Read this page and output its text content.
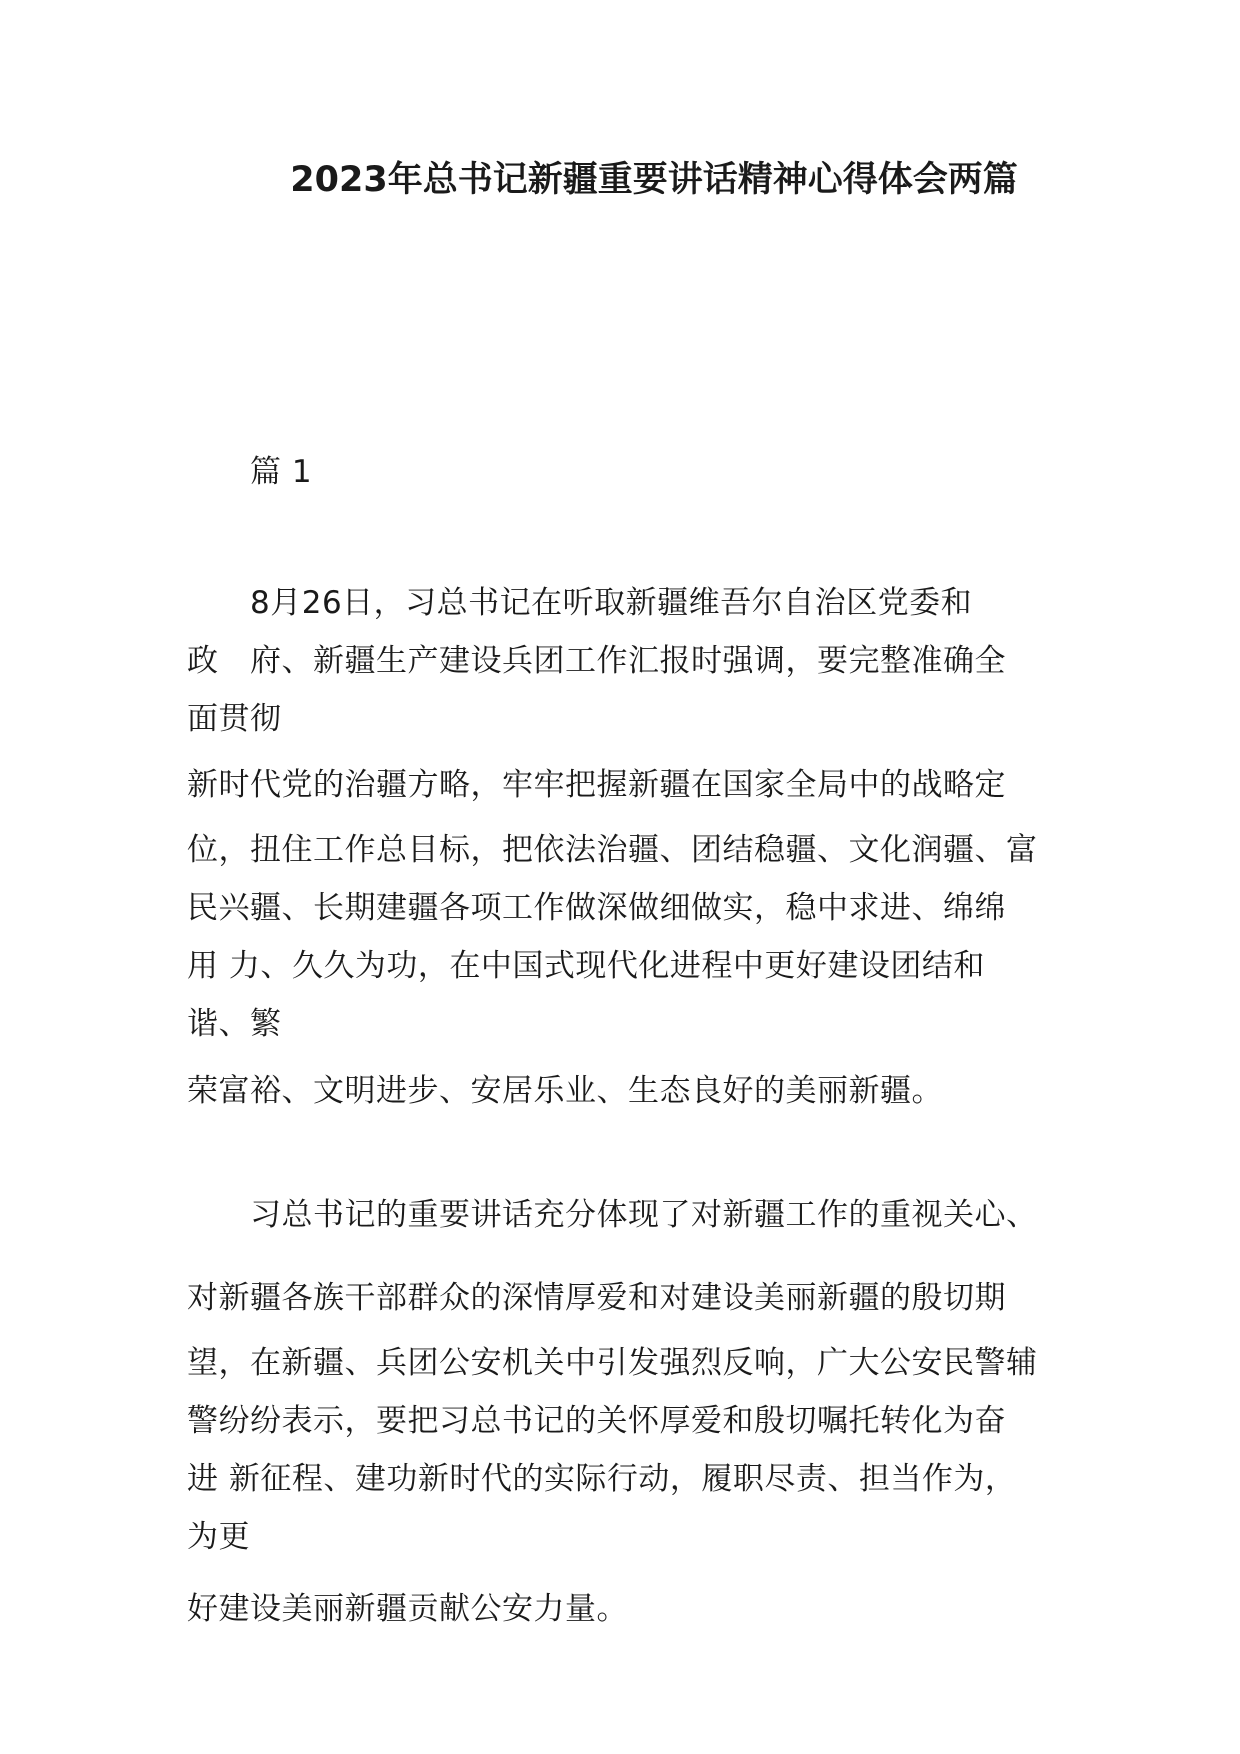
2023年总书记新疆重要讲话精神心得体会两篇
篇 1
8月26日，习总书记在听取新疆维吾尔自治区党委和
政　府、新疆生产建设兵团工作汇报时强调，要完整准确全
面贯彻
新时代党的治疆方略，牢牢把握新疆在国家全局中的战略定
位，扭住工作总目标，把依法治疆、团结稳疆、文化润疆、富
民兴疆、长期建疆各项工作做深做细做实，稳中求进、绵绵
用 力、久久为功，在中国式现代化进程中更好建设团结和
谐、繁
荣富裕、文明进步、安居乐业、生态良好的美丽新疆。
习总书记的重要讲话充分体现了对新疆工作的重视关心、
对新疆各族干部群众的深情厚爱和对建设美丽新疆的殷切期
望，在新疆、兵团公安机关中引发强烈反响，广大公安民警辅
警纷纷表示，要把习总书记的关怀厚爱和殷切嘱托转化为奋
进 新征程、建功新时代的实际行动，履职尽责、担当作为，
为更
好建设美丽新疆贡献公安力量。
